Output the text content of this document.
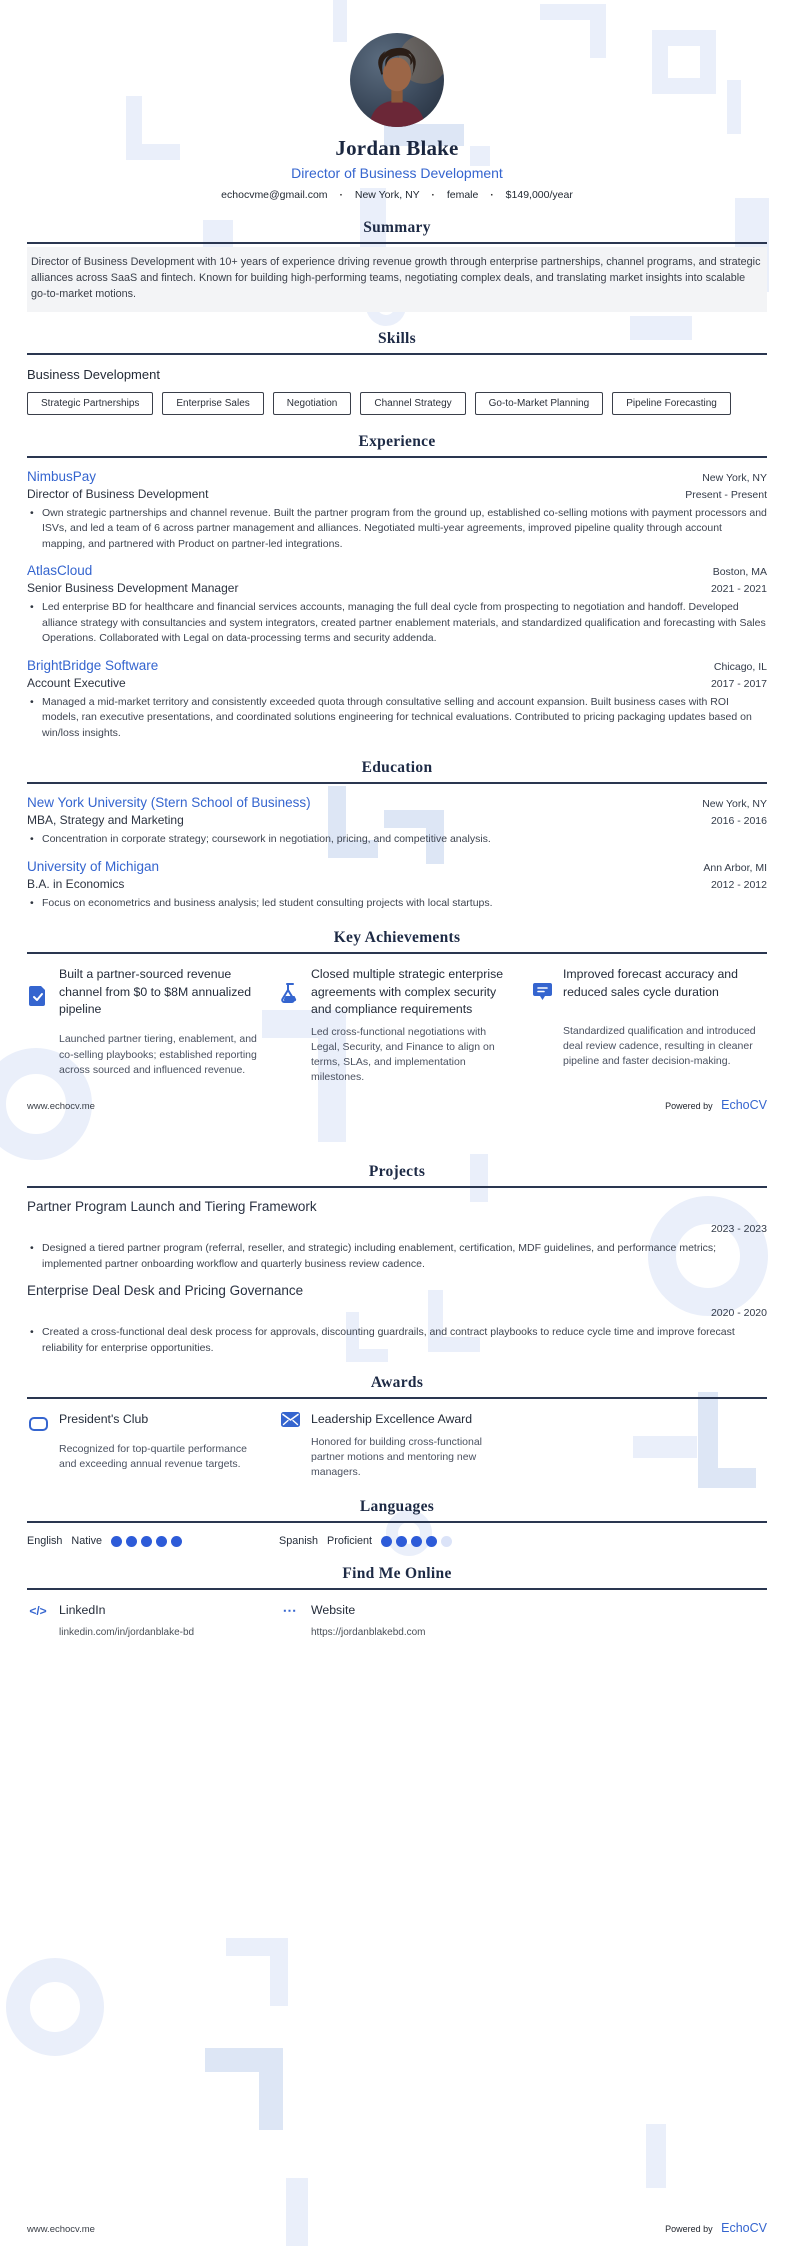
Jordan Blake
Director of Business Development
echocvme@gmail.com · New York, NY · female · $149,000/year
Summary
Director of Business Development with 10+ years of experience driving revenue growth through enterprise partnerships, channel programs, and strategic alliances across SaaS and fintech. Known for building high-performing teams, negotiating complex deals, and translating market insights into scalable go-to-market motions.
Skills
Business Development
Strategic Partnerships	Enterprise Sales	Negotiation	Channel Strategy	Go-to-Market Planning	Pipeline Forecasting
Experience
NimbusPay	New York, NY
Director of Business Development	Present - Present
• Own strategic partnerships and channel revenue. Built the partner program from the ground up, established co-selling motions with payment processors and ISVs, and led a team of 6 across partner management and alliances. Negotiated multi-year agreements, improved pipeline quality through account mapping, and partnered with Product on partner-led integrations.
AtlasCloud	Boston, MA
Senior Business Development Manager	2021 - 2021
• Led enterprise BD for healthcare and financial services accounts, managing the full deal cycle from prospecting to negotiation and handoff. Developed alliance strategy with consultancies and system integrators, created partner enablement materials, and standardized qualification and forecasting with Sales Operations. Collaborated with Legal on data-processing terms and security addenda.
BrightBridge Software	Chicago, IL
Account Executive	2017 - 2017
• Managed a mid-market territory and consistently exceeded quota through consultative selling and account expansion. Built business cases with ROI models, ran executive presentations, and coordinated solutions engineering for technical evaluations. Contributed to pricing packaging updates based on win/loss insights.
Education
New York University (Stern School of Business)	New York, NY
MBA, Strategy and Marketing	2016 - 2016
• Concentration in corporate strategy; coursework in negotiation, pricing, and competitive analysis.
University of Michigan	Ann Arbor, MI
B.A. in Economics	2012 - 2012
• Focus on econometrics and business analysis; led student consulting projects with local startups.
Key Achievements
Built a partner-sourced revenue channel from $0 to $8M annualized pipeline
Launched partner tiering, enablement, and co-selling playbooks; established reporting across sourced and influenced revenue.
Closed multiple strategic enterprise agreements with complex security and compliance requirements
Led cross-functional negotiations with Legal, Security, and Finance to align on terms, SLAs, and implementation milestones.
Improved forecast accuracy and reduced sales cycle duration
Standardized qualification and introduced deal review cadence, resulting in cleaner pipeline and faster decision-making.
www.echocv.me	Powered by EchoCV
Projects
Partner Program Launch and Tiering Framework
2023 - 2023
• Designed a tiered partner program (referral, reseller, and strategic) including enablement, certification, MDF guidelines, and performance metrics; implemented partner onboarding workflow and quarterly business review cadence.
Enterprise Deal Desk and Pricing Governance
2020 - 2020
• Created a cross-functional deal desk process for approvals, discounting guardrails, and contract playbooks to reduce cycle time and improve forecast reliability for enterprise opportunities.
Awards
President's Club
Recognized for top-quartile performance and exceeding annual revenue targets.
Leadership Excellence Award
Honored for building cross-functional partner motions and mentoring new managers.
Languages
English Native	Spanish Proficient
Find Me Online
</> LinkedIn
linkedin.com/in/jordanblake-bd
⋯ Website
https://jordanblakebd.com
www.echocv.me	Powered by EchoCV
